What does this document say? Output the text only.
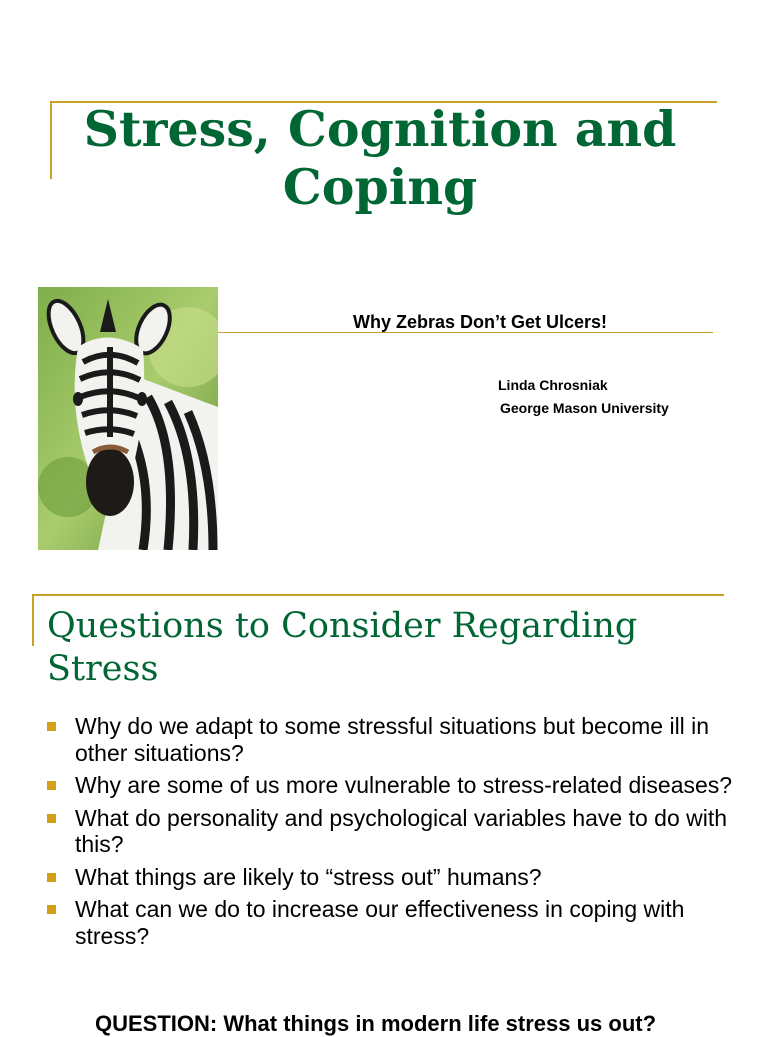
Stress, Cognition and Coping
Why Zebras Don’t Get Ulcers!
Linda Chrosniak
George Mason University
Questions to Consider Regarding Stress
Why do we adapt to some stressful situations but become ill in other situations?
Why are some of us more vulnerable to stress-related diseases?
What do personality and psychological variables have to do with this?
What things are likely to “stress out” humans?
What can we do to increase our effectiveness in coping with stress?
QUESTION: What things in modern life stress us out?
